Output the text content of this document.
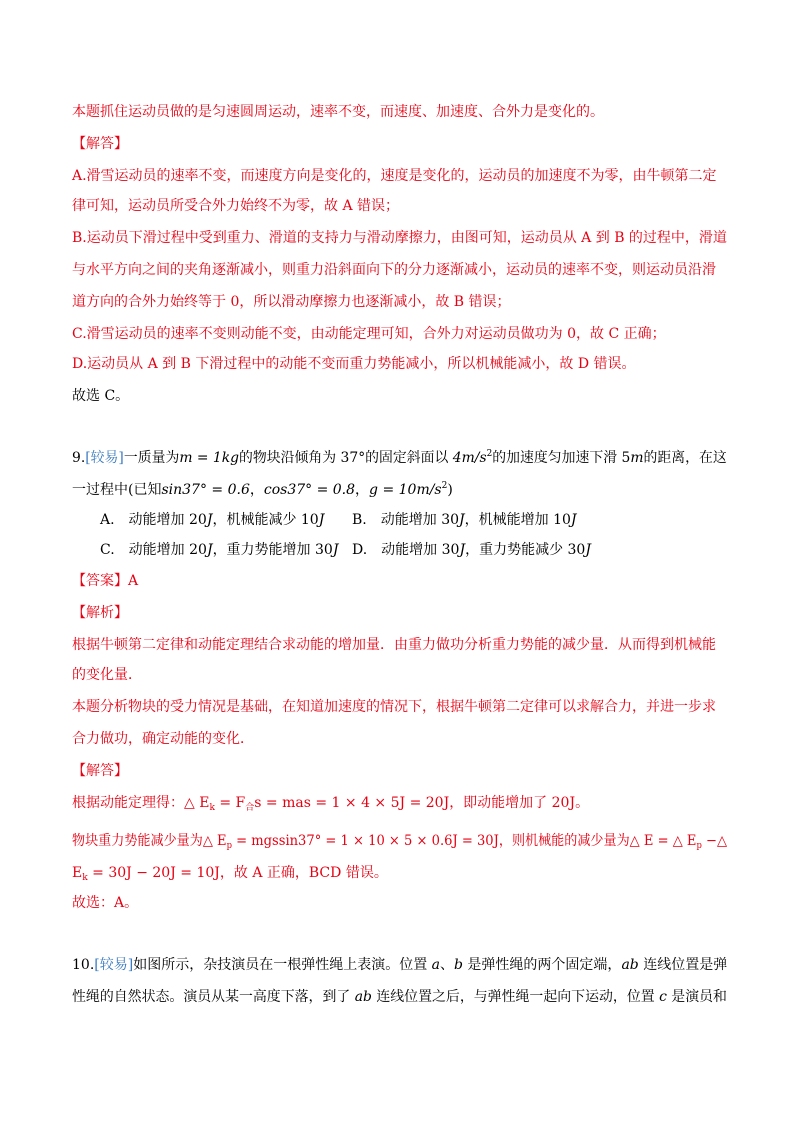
本题抓住运动员做的是匀速圆周运动，速率不变，而速度、加速度、合外力是变化的。
【解答】
A.滑雪运动员的速率不变，而速度方向是变化的，速度是变化的，运动员的加速度不为零，由牛顿第二定
律可知，运动员所受合外力始终不为零，故 A 错误；
B.运动员下滑过程中受到重力、滑道的支持力与滑动摩擦力，由图可知，运动员从 A 到 B 的过程中，滑道
与水平方向之间的夹角逐渐减小，则重力沿斜面向下的分力逐渐减小，运动员的速率不变，则运动员沿滑
道方向的合外力始终等于 0，所以滑动摩擦力也逐渐减小，故 B 错误；
C.滑雪运动员的速率不变则动能不变，由动能定理可知，合外力对运动员做功为 0，故 C 正确；
D.运动员从 A 到 B 下滑过程中的动能不变而重力势能减小，所以机械能减小，故 D 错误。
故选 C。
9.[较易]一质量为m = 1kg的物块沿倾角为 37°的固定斜面以 $4m/s^2$的加速度匀加速下滑 5m的距离，在这
一过程中(已知sin37° = 0.6，cos37° = 0.8，$g = 10m/s^2$)
A.　动能增加 20J，机械能减少 10J B.　动能增加 30J，机械能增加 10J
C.　动能增加 20J，重力势能增加 30J D.　动能增加 30J，重力势能减少 30J
【答案】A
【解析】
根据牛顿第二定律和动能定理结合求动能的增加量．由重力做功分析重力势能的减少量．从而得到机械能
的变化量．
本题分析物块的受力情况是基础，在知道加速度的情况下，根据牛顿第二定律可以求解合力，并进一步求
合力做功，确定动能的变化．
【解答】
根据动能定理得：△ $E_k = F_合s$ = mas = 1 × 4 × 5J = 20J，即动能增加了 20J。
物块重力势能减少量为△ $E_p = mgssin37^\circ = 1 \times 10 \times 5 \times 0.6J = 30J$，则机械能的减少量为△ E = △ $E_p$ −△
$E_k = 30J - 20J = 10J$，故 A 正确，BCD 错误。
故选：A。
10.[较易]如图所示，杂技演员在一根弹性绳上表演。位置 a、b 是弹性绳的两个固定端，ab 连线位置是弹
性绳的自然状态。演员从某一高度下落，到了 ab 连线位置之后，与弹性绳一起向下运动，位置 c 是演员和
